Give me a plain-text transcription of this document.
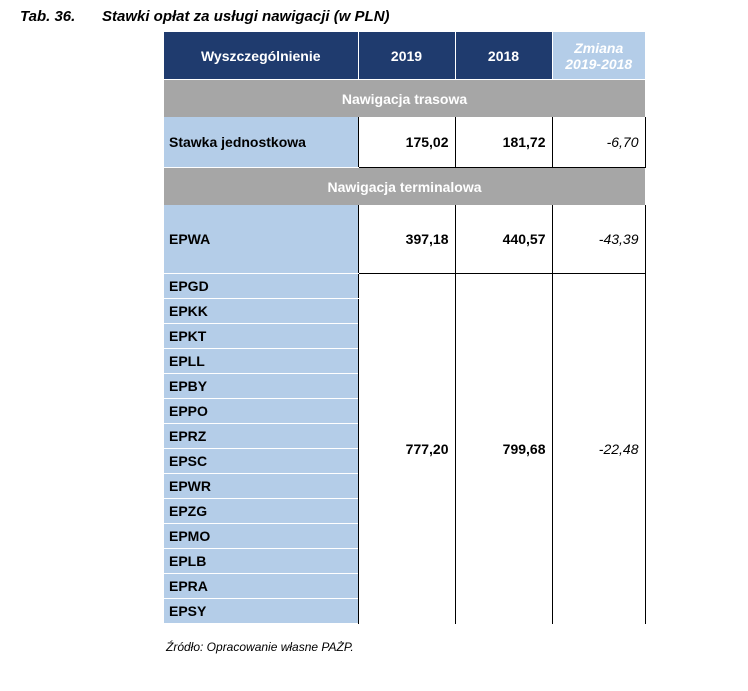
Tab. 36. Stawki opłat za usługi nawigacji (w PLN)
Wyszczególnienie	2019	2018	Zmiana
2019-2018
Nawigacja trasowa			
Stawka jednostkowa	175,02	181,72	-6,70
Nawigacja terminalowa			
EPWA	397,18	440,57	-43,39
EPGD	777,20	799,68	-22,48
EPKK			
EPKT			
EPLL			
EPBY			
EPPO			
EPRZ			
EPSC			
EPWR			
EPZG			
EPMO			
EPLB			
EPRA			
EPSY			
Źródło: Opracowanie własne PAŻP.
